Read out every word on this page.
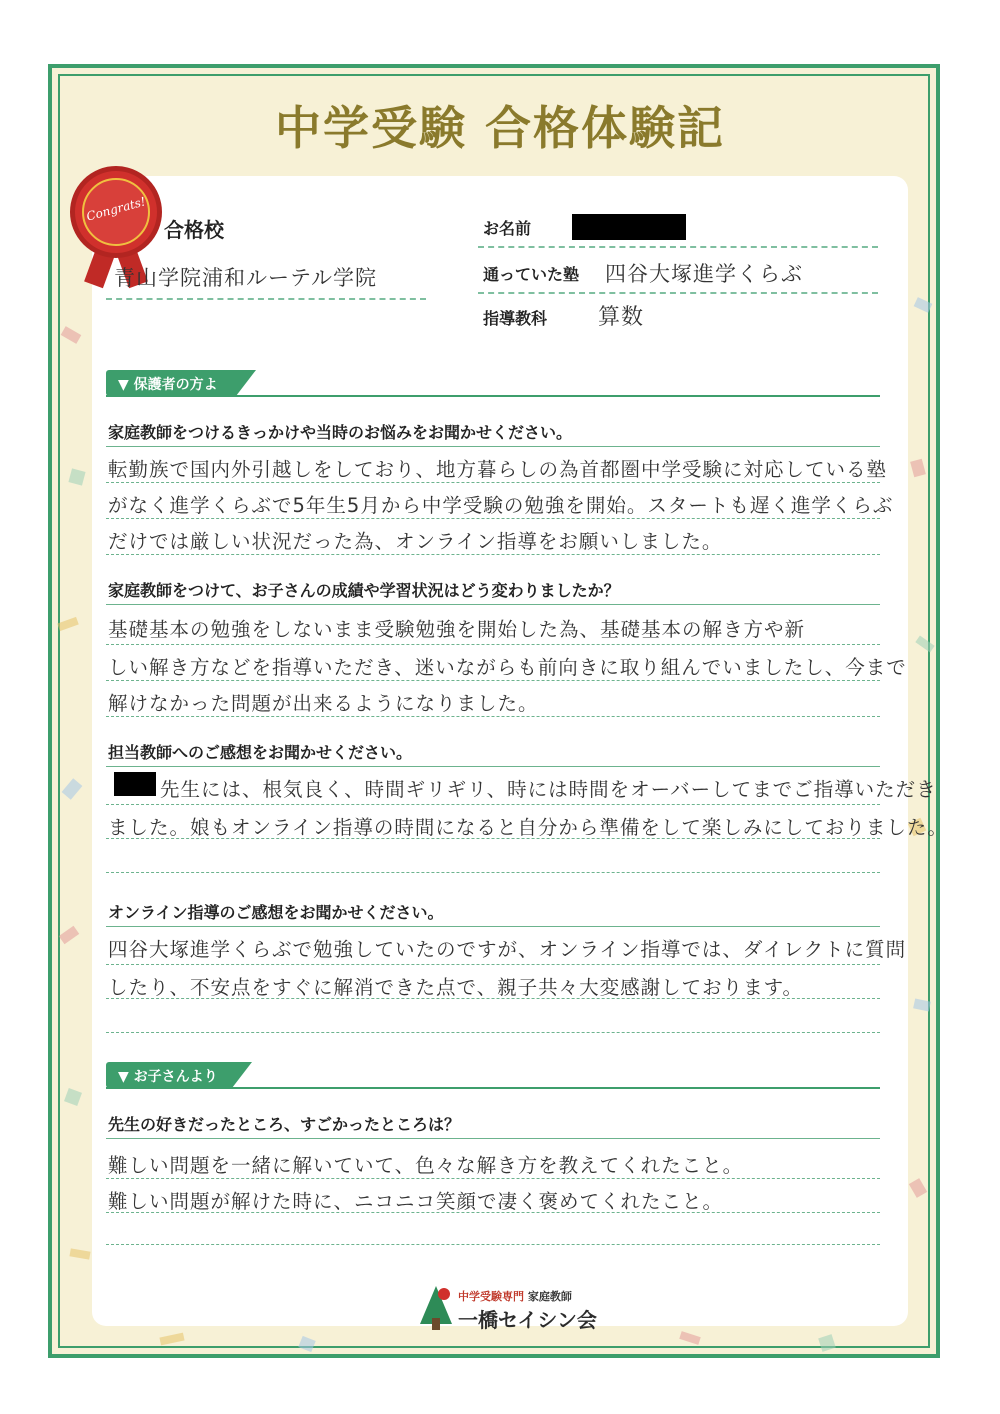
中学受験 合格体験記
Congrats!
合格校
青山学院浦和ルーテル学院
お名前
通っていた塾 四谷大塚進学くらぶ
指導教科 算数
▼ 保護者の方より
家庭教師をつけるきっかけや当時のお悩みをお聞かせください。
転勤族で国内外引越しをしており、地方暮らしの為首都圏中学受験に対応している塾
がなく進学くらぶで5年生5月から中学受験の勉強を開始。スタートも遅く進学くらぶ
だけでは厳しい状況だった為、オンライン指導をお願いしました。
家庭教師をつけて、お子さんの成績や学習状況はどう変わりましたか？
基礎基本の勉強をしないまま受験勉強を開始した為、基礎基本の解き方や新
しい解き方などを指導いただき、迷いながらも前向きに取り組んでいましたし、今まで
解けなかった問題が出来るようになりました。
担当教師へのご感想をお聞かせください。
先生には、根気良く、時間ギリギリ、時には時間をオーバーしてまでご指導いただき
ました。娘もオンライン指導の時間になると自分から準備をして楽しみにしておりました。
オンライン指導のご感想をお聞かせください。
四谷大塚進学くらぶで勉強していたのですが、オンライン指導では、ダイレクトに質問
したり、不安点をすぐに解消できた点で、親子共々大変感謝しております。
▼ お子さんより
先生の好きだったところ、すごかったところは？
難しい問題を一緒に解いていて、色々な解き方を教えてくれたこと。
難しい問題が解けた時に、ニコニコ笑顔で凄く褒めてくれたこと。
中学受験専門 家庭教師
一橋セイシン会
